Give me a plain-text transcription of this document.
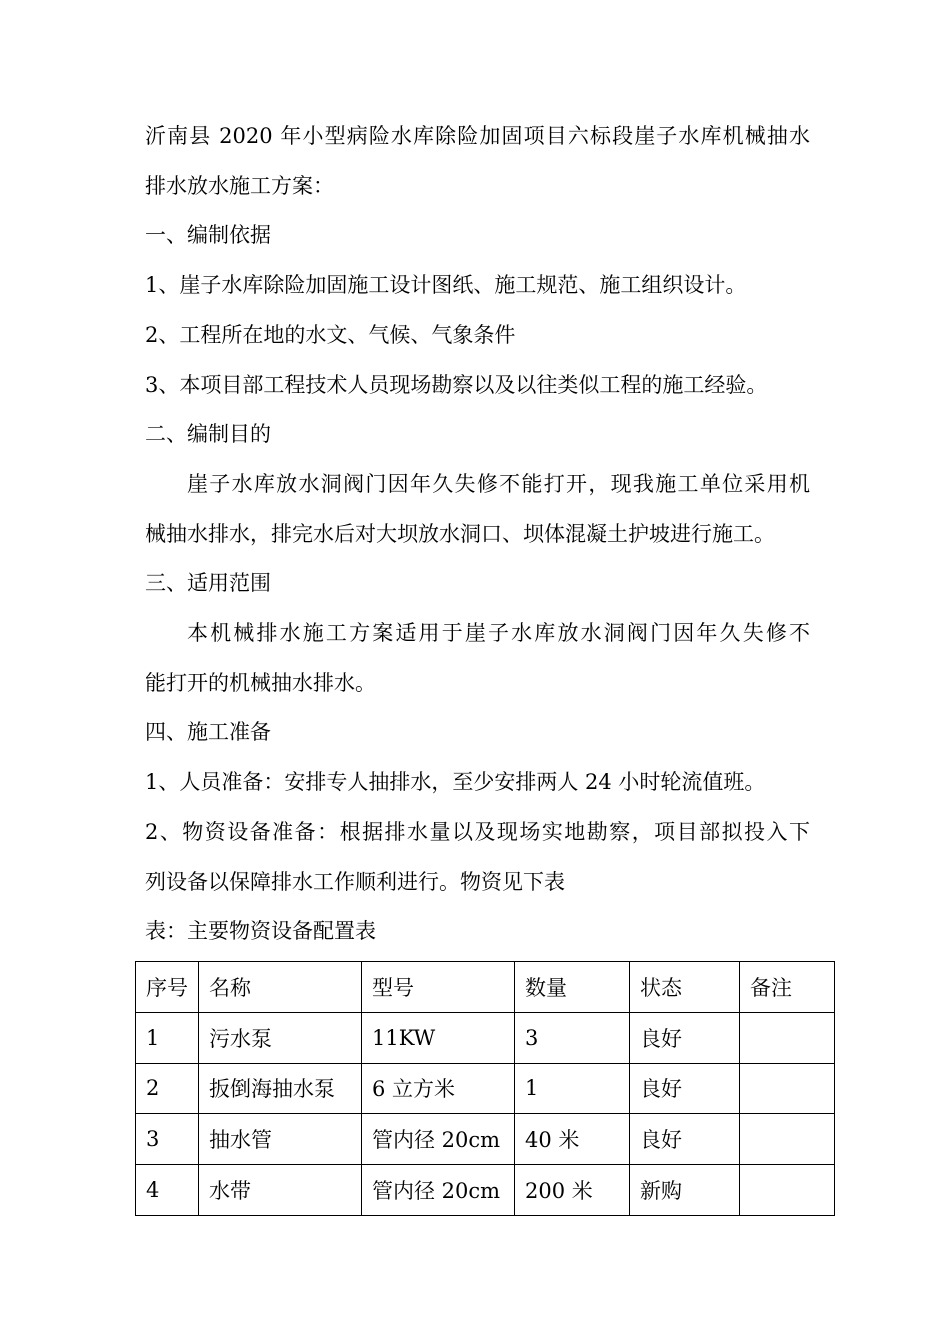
沂南县 2020 年小型病险水库除险加固项目六标段崖子水库机械抽水
排水放水施工方案：
一、编制依据
1、崖子水库除险加固施工设计图纸、施工规范、施工组织设计。
2、工程所在地的水文、气候、气象条件
3、本项目部工程技术人员现场勘察以及以往类似工程的施工经验。
二、编制目的
崖子水库放水洞阀门因年久失修不能打开，现我施工单位采用机
械抽水排水，排完水后对大坝放水洞口、坝体混凝土护坡进行施工。
三、适用范围
本机械排水施工方案适用于崖子水库放水洞阀门因年久失修不
能打开的机械抽水排水。
四、施工准备
1、人员准备：安排专人抽排水，至少安排两人 24 小时轮流值班。
2、物资设备准备：根据排水量以及现场实地勘察，项目部拟投入下
列设备以保障排水工作顺利进行。物资见下表
表：主要物资设备配置表
序号	名称	型号	数量	状态	备注
1	污水泵	11KW	3	良好	
2	扳倒海抽水泵	6 立方米	1	良好	
3	抽水管	管内径 20cm	40 米	良好	
4	水带	管内径 20cm	200 米	新购	
